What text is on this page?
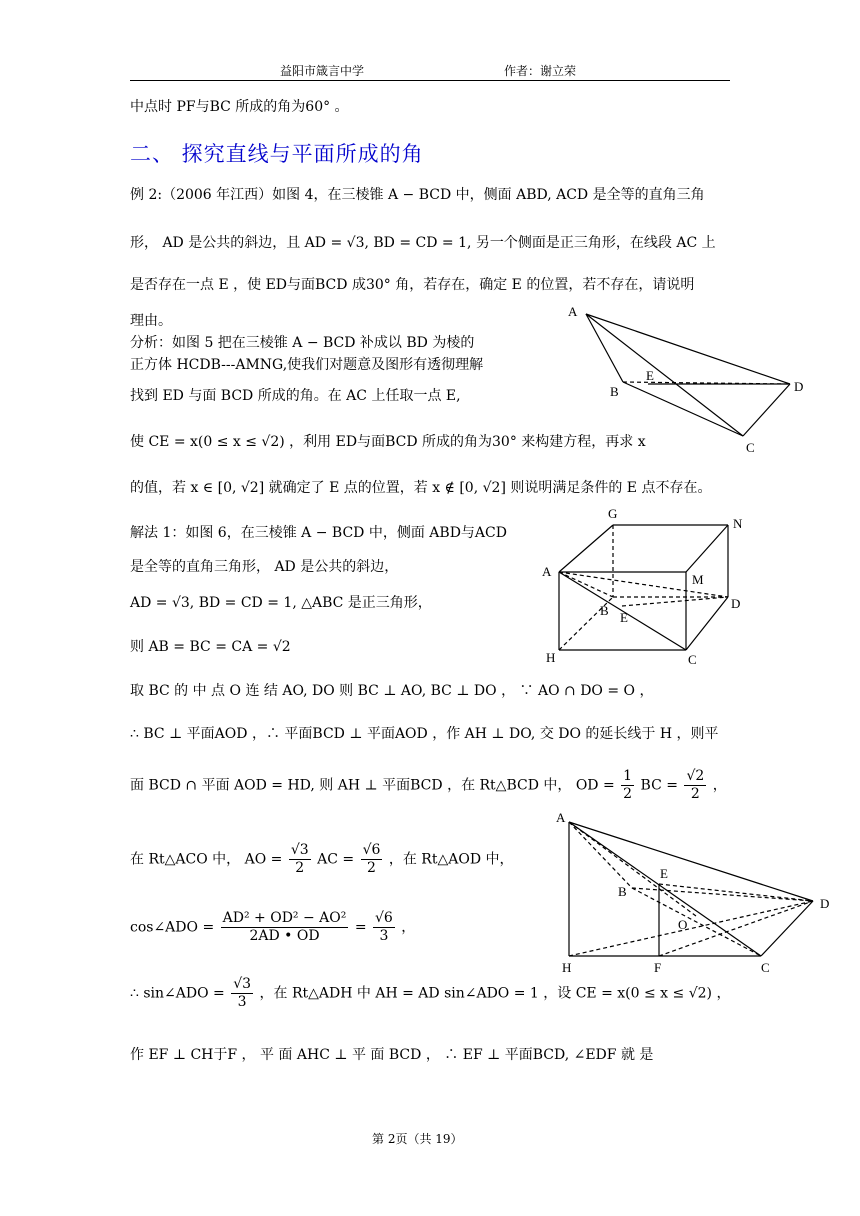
益阳市箴言中学	作者：谢立荣
中点时 PF与BC 所成的角为60° 。
二、 探究直线与平面所成的角
例 2:（2006 年江西）如图 4，在三棱锥 A − BCD 中，侧面 ABD, ACD 是全等的直角三角
形， AD 是公共的斜边，且 AD = √3, BD = CD = 1, 另一个侧面是正三角形，在线段 AC 上
是否存在一点 E ，使 ED与面BCD 成30° 角，若存在，确定 E 的位置，若不存在，请说明
理由。
分析：如图 5 把在三棱锥 A − BCD 补成以 BD 为棱的
正方体 HCDB---AMNG,使我们对题意及图形有透彻理解
找到 ED 与面 BCD 所成的角。在 AC 上任取一点 E,
使 CE = x(0 ≤ x ≤ √2) ，利用 ED与面BCD 所成的角为30° 来构建方程，再求 x
的值，若 x ∈ [0, √2] 就确定了 E 点的位置，若 x ∉ [0, √2] 则说明满足条件的 E 点不存在。
解法 1：如图 6，在三棱锥 A − BCD 中，侧面 ABD与ACD
是全等的直角三角形， AD 是公共的斜边，
AD = √3, BD = CD = 1, △ABC 是正三角形，
则 AB = BC = CA = √2
取 BC 的 中 点 O 连 结 AO, DO 则 BC ⊥ AO, BC ⊥ DO ， ∵ AO ∩ DO = O ，
∴ BC ⊥ 平面AOD ，∴ 平面BCD ⊥ 平面AOD ，作 AH ⊥ DO, 交 DO 的延长线于 H ，则平
面 BCD ∩ 平面 AOD = HD, 则 AH ⊥ 平面BCD ，在 Rt△BCD 中， OD = $\frac{1}{2}$ BC = $\frac{√2}{2}$ ，
在 Rt△ACO 中， AO = $\frac{√3}{2}$ AC = $\frac{√6}{2}$ ，在 Rt△AOD 中，
cos∠ADO = $\frac{\text{AD² + OD² − AO²}}{2AD • OD} = \frac{√6}{3}$ ，
∴ sin∠ADO = $\frac{√3}{3}$ ，在 Rt△ADH 中 AH = AD sin∠ADO = 1 ，设 CE = x(0 ≤ x ≤ √2) ，
作 EF ⊥ CH于F ， 平 面 AHC ⊥ 平 面 BCD ， ∴ EF ⊥ 平面BCD, ∠EDF 就 是
第 2页（共 19）
A
B
E
D
C
G
N
A
M
B E
D
H	C
A
E
B
O
D
H	F	C
